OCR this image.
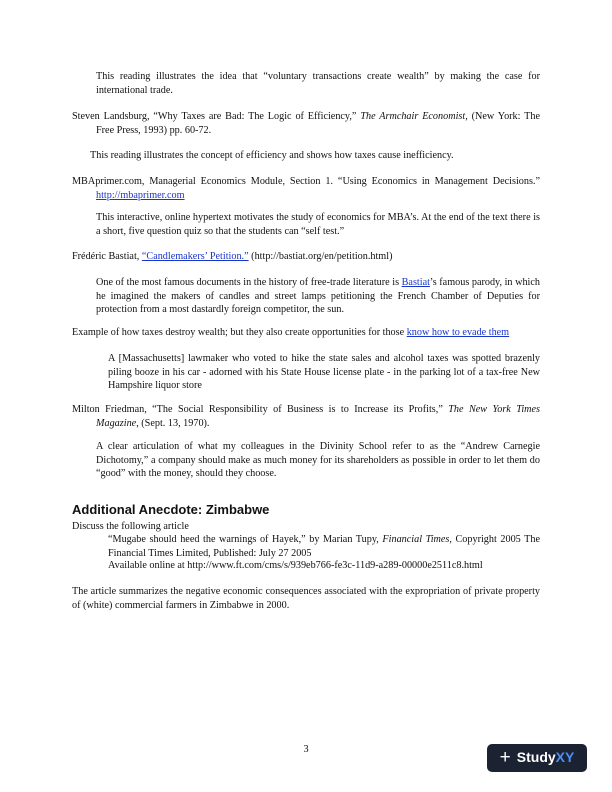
This reading illustrates the idea that “voluntary transactions create wealth” by making the case for international trade.

Steven Landsburg, “Why Taxes are Bad: The Logic of Efficiency,” The Armchair Economist, (New York: The Free Press, 1993) pp. 60-72.

This reading illustrates the concept of efficiency and shows how taxes cause inefficiency.

MBAprimer.com, Managerial Economics Module, Section 1. “Using Economics in Management Decisions.” http://mbaprimer.com

This interactive, online hypertext motivates the study of economics for MBA’s. At the end of the text there is a short, five question quiz so that the students can “self test.”

Frédéric Bastiat, “Candlemakers’ Petition.” (http://bastiat.org/en/petition.html)

One of the most famous documents in the history of free-trade literature is Bastiat’s famous parody, in which he imagined the makers of candles and street lamps petitioning the French Chamber of Deputies for protection from a most dastardly foreign competitor, the sun.

Example of how taxes destroy wealth; but they also create opportunities for those know how to evade them

A [Massachusetts] lawmaker who voted to hike the state sales and alcohol taxes was spotted brazenly piling booze in his car - adorned with his State House license plate - in the parking lot of a tax-free New Hampshire liquor store

Milton Friedman, “The Social Responsibility of Business is to Increase its Profits,” The New York Times Magazine, (Sept. 13, 1970).

A clear articulation of what my colleagues in the Divinity School refer to as the “Andrew Carnegie Dichotomy,” a company should make as much money for its shareholders as possible in order to let them do “good” with the money, should they choose.

Additional Anecdote: Zimbabwe

Discuss the following article

“Mugabe should heed the warnings of Hayek,” by Marian Tupy, Financial Times, Copyright 2005 The Financial Times Limited, Published: July 27 2005

Available online at http://www.ft.com/cms/s/939eb766-fe3c-11d9-a289-00000e2511c8.html

The article summarizes the negative economic consequences associated with the expropriation of private property of (white) commercial farmers in Zimbabwe in 2000.

3	+ Study XY
